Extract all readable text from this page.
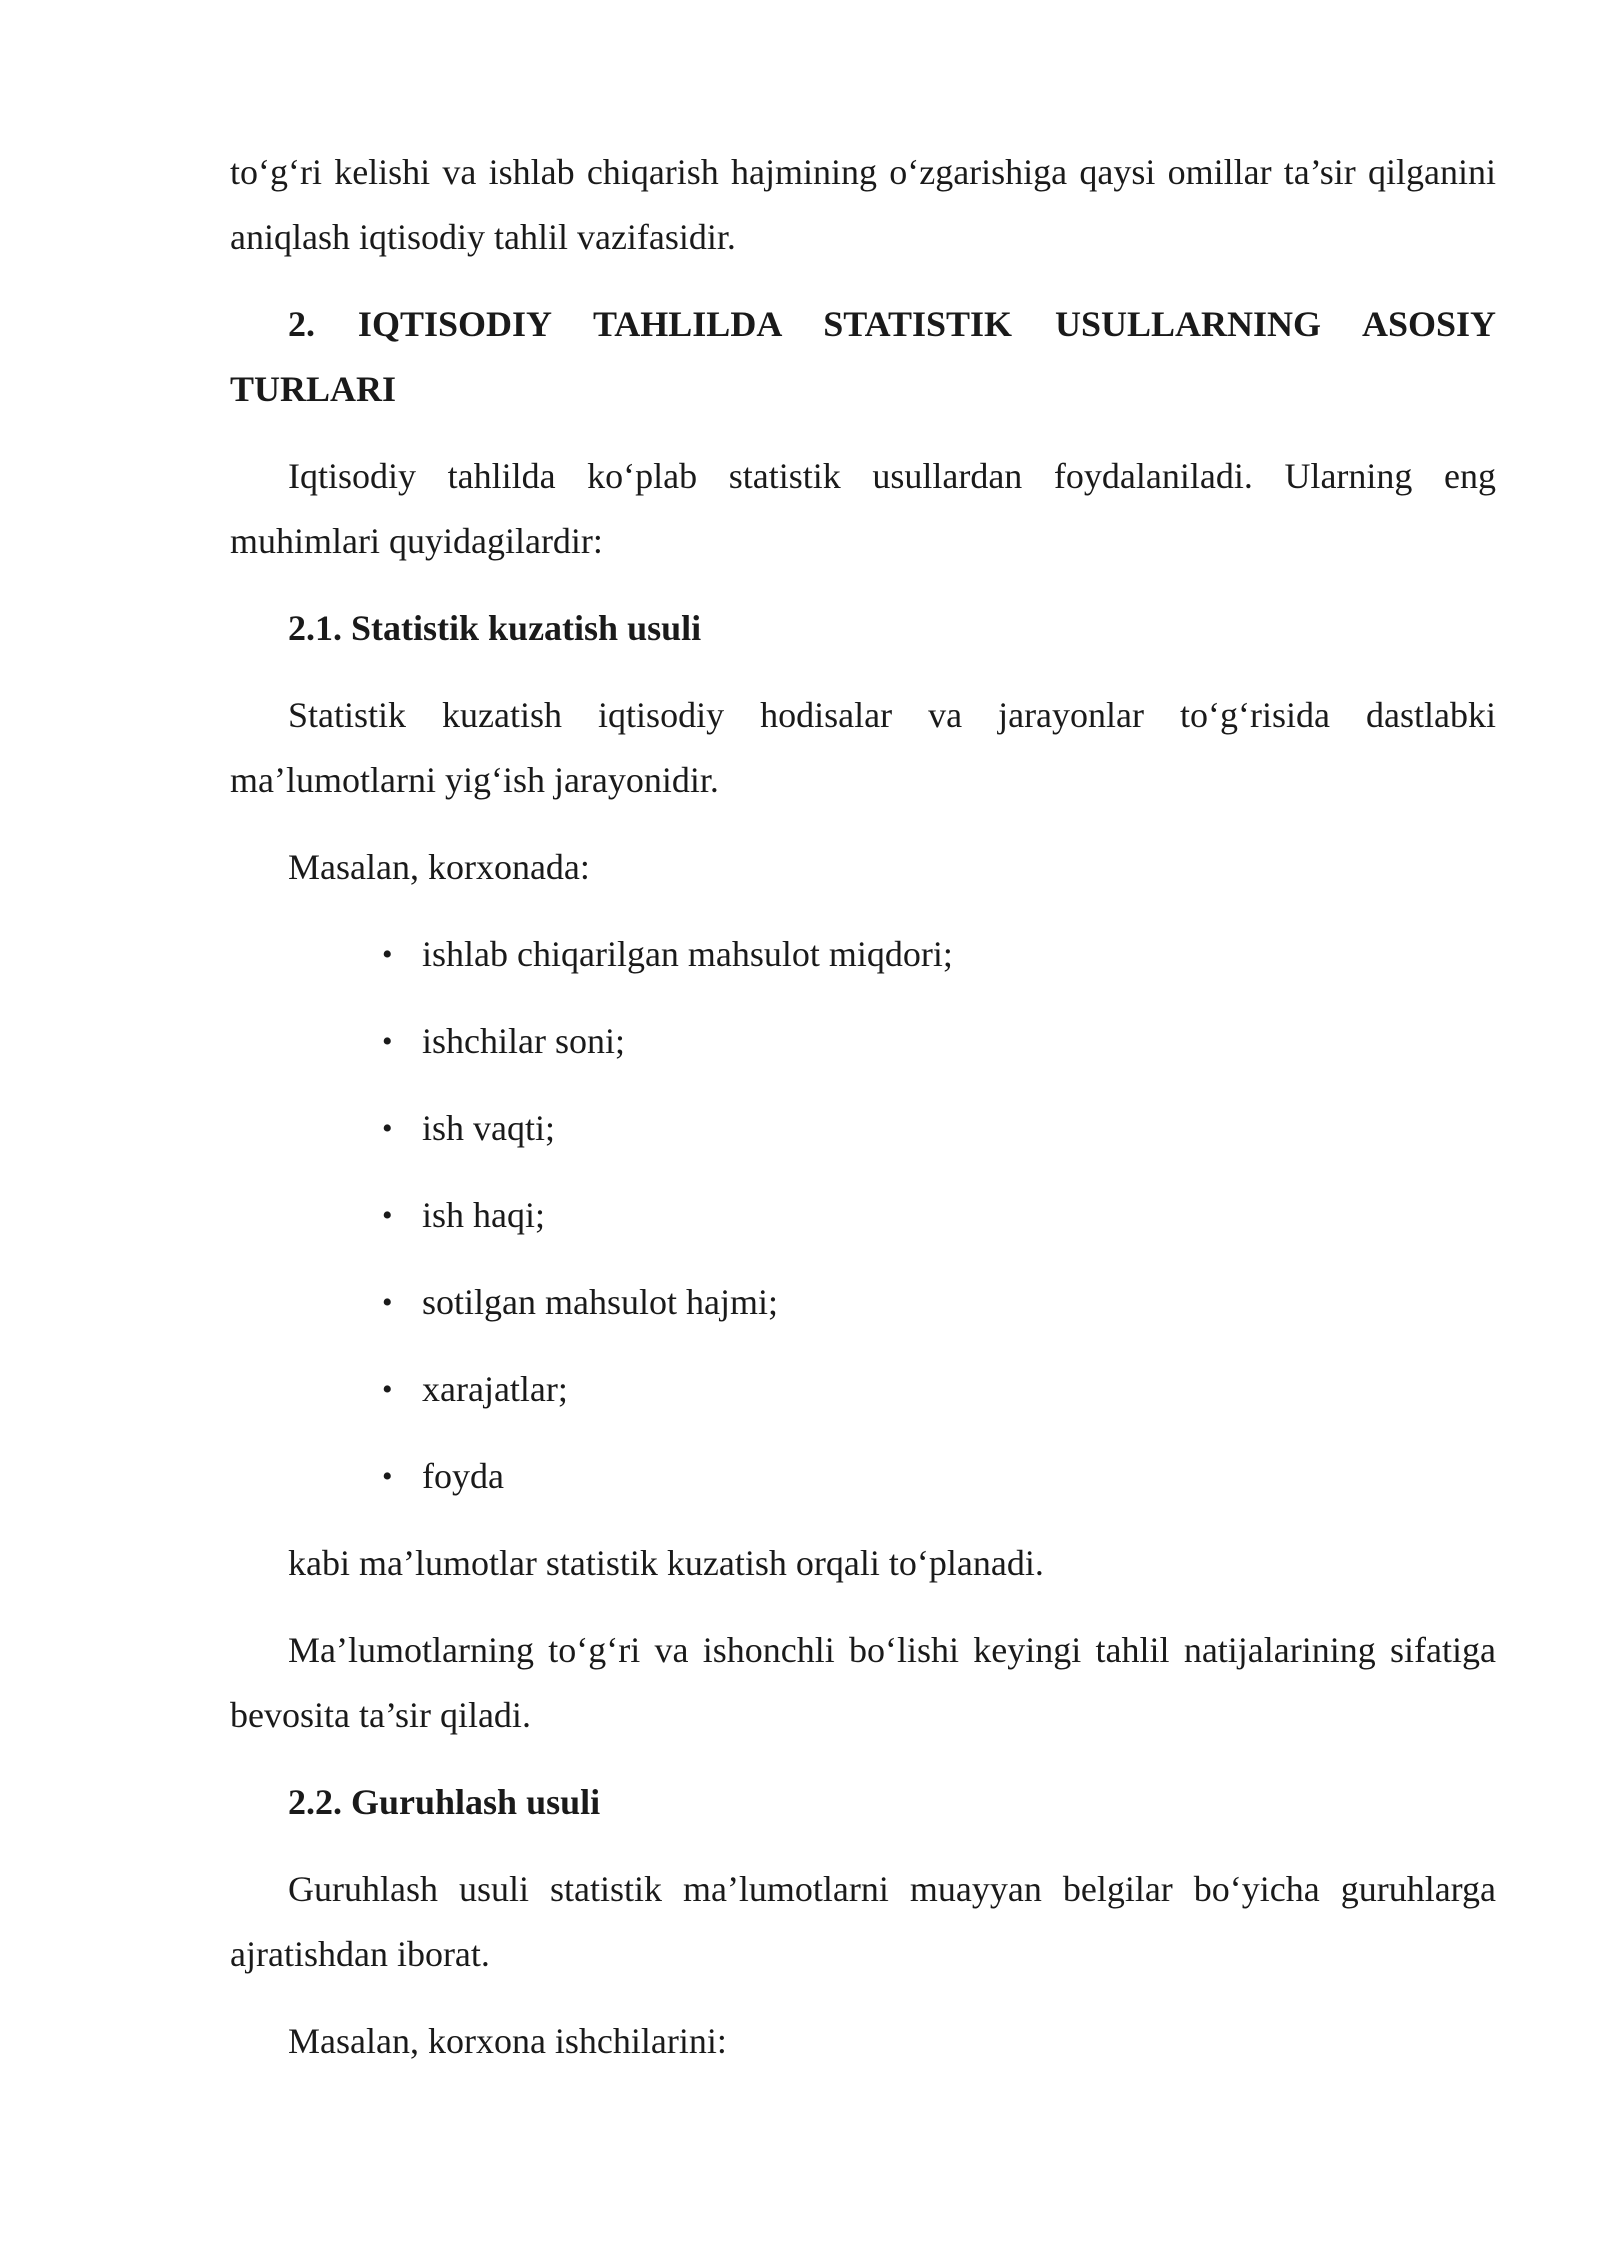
to‘g‘ri kelishi va ishlab chiqarish hajmining o‘zgarishiga qaysi omillar ta’sir qilganini aniqlash iqtisodiy tahlil vazifasidir.

2. IQTISODIY TAHLILDA STATISTIK USULLARNING ASOSIY TURLARI

Iqtisodiy tahlilda ko‘plab statistik usullardan foydalaniladi. Ularning eng muhimlari quyidagilardir:

2.1. Statistik kuzatish usuli

Statistik kuzatish iqtisodiy hodisalar va jarayonlar to‘g‘risida dastlabki ma’lumotlarni yig‘ish jarayonidir.

Masalan, korxonada:

• ishlab chiqarilgan mahsulot miqdori;
• ishchilar soni;
• ish vaqti;
• ish haqi;
• sotilgan mahsulot hajmi;
• xarajatlar;
• foyda

kabi ma’lumotlar statistik kuzatish orqali to‘planadi.

Ma’lumotlarning to‘g‘ri va ishonchli bo‘lishi keyingi tahlil natijalarining sifatiga bevosita ta’sir qiladi.

2.2. Guruhlash usuli

Guruhlash usuli statistik ma’lumotlarni muayyan belgilar bo‘yicha guruhlarga ajratishdan iborat.

Masalan, korxona ishchilarini:
